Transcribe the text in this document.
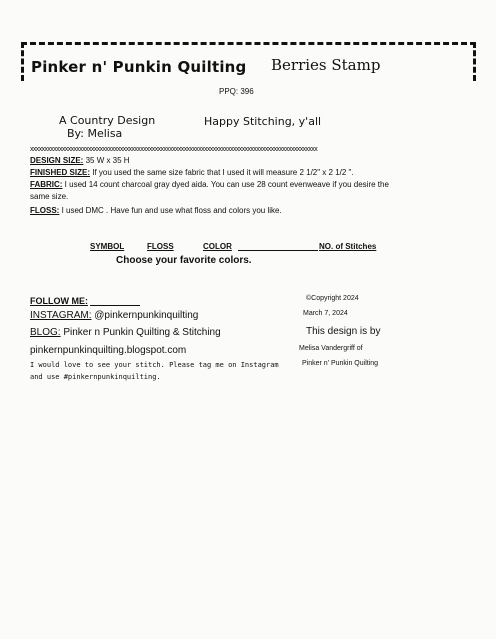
Pinker n' Punkin Quilting Berries Stamp
PPQ: 396
A Country Design
By: Melisa
Happy Stitching, y'all
xxxxxxxxxxxxxxxxxxxxxxxxxxxxxxxxxxxxxxxxxxxxxxxxxxxxxxxxxxxxxxxxxxxxxxxxxxxxxxxxxxxxxxxxxxxxxxxxxxx
DESIGN SIZE: 35 W x 35 H
FINISHED SIZE: If you used the same size fabric that I used it will measure 2 1/2" x 2 1/2 ".
FABRIC: I used 14 count charcoal gray dyed aida. You can use 28 count evenweave if you desire the
same size.
FLOSS: I used DMC . Have fun and use what floss and colors you like.
SYMBOL	FLOSS	COLOR	NO. of Stitches
Choose your favorite colors.
FOLLOW ME:
INSTAGRAM: @pinkernpunkinquilting
BLOG: Pinker n Punkin Quilting & Stitching
pinkernpunkinquilting.blogspot.com
I would love to see your stitch. Please tag me on Instagram
and use #pinkernpunkinquilting.
©Copyright 2024
March 7, 2024
This design is by
Melisa Vandergriff of
Pinker n' Punkin Quilting
